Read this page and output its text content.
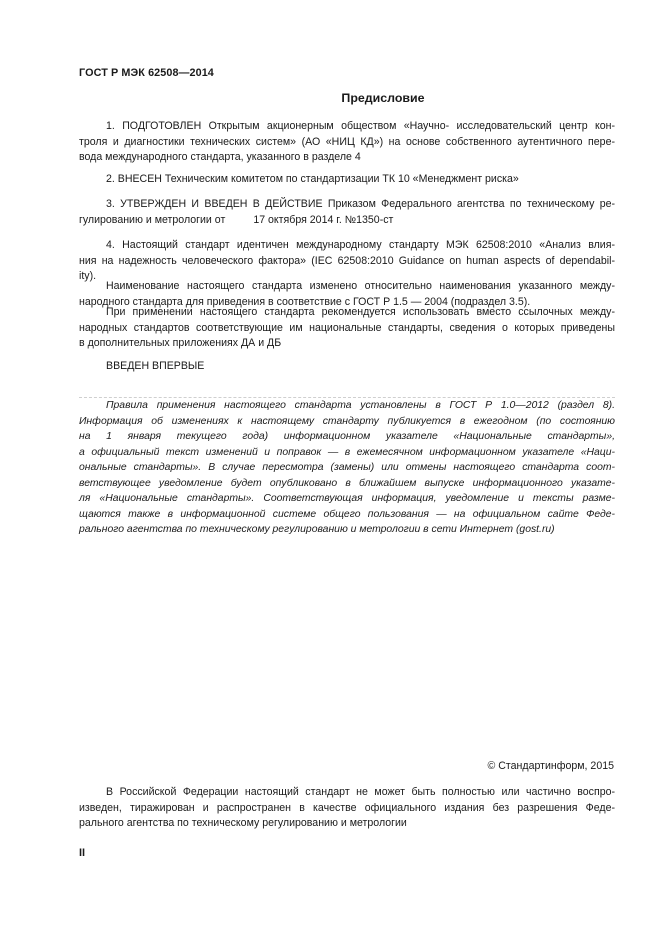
ГОСТ Р МЭК 62508—2014
Предисловие
1. ПОДГОТОВЛЕН Открытым акционерным обществом «Научно- исследовательский центр кон-
троля и диагностики технических систем» (АО «НИЦ КД») на основе собственного аутентичного пере-
вода международного стандарта, указанного в разделе 4
2. ВНЕСЕН Техническим комитетом по стандартизации ТК 10 «Менеджмент риска»
3. УТВЕРЖДЕН И ВВЕДЕН В ДЕЙСТВИЕ Приказом Федерального агентства по техническому ре-
гулированию и метрологии от	17 октября 2014 г. №1350-ст
4. Настоящий стандарт идентичен международному стандарту МЭК 62508:2010 «Анализ влия-
ния на надежность человеческого фактора» (IEC 62508:2010 Guidance on human aspects of dependabil-
ity).
Наименование настоящего стандарта изменено относительно наименования указанного между-
народного стандарта для приведения в соответствие с ГОСТ Р 1.5 — 2004 (подраздел 3.5).
При применении настоящего стандарта рекомендуется использовать вместо ссылочных между-
народных стандартов соответствующие им национальные стандарты, сведения о которых приведены
в дополнительных приложениях ДА и ДБ
ВВЕДЕН ВПЕРВЫЕ
Правила применения настоящего стандарта установлены в ГОСТ Р 1.0—2012 (раздел 8).
Информация об изменениях к настоящему стандарту публикуется в ежегодном (по состоянию
на 1 января текущего года) информационном указателе «Национальные стандарты»,
а официальный текст изменений и поправок — в ежемесячном информационном указателе «Наци-
ональные стандарты». В случае пересмотра (замены) или отмены настоящего стандарта соот-
ветствующее уведомление будет опубликовано в ближайшем выпуске информационного указате-
ля «Национальные стандарты». Соответствующая информация, уведомление и тексты разме-
щаются также в информационной системе общего пользования — на официальном сайте Феде-
рального агентства по техническому регулированию и метрологии в сети Интернет (gost.ru)
© Стандартинформ, 2015
В Российской Федерации настоящий стандарт не может быть полностью или частично воспро-
изведен, тиражирован и распространен в качестве официального издания без разрешения Феде-
рального агентства по техническому регулированию и метрологии
II
